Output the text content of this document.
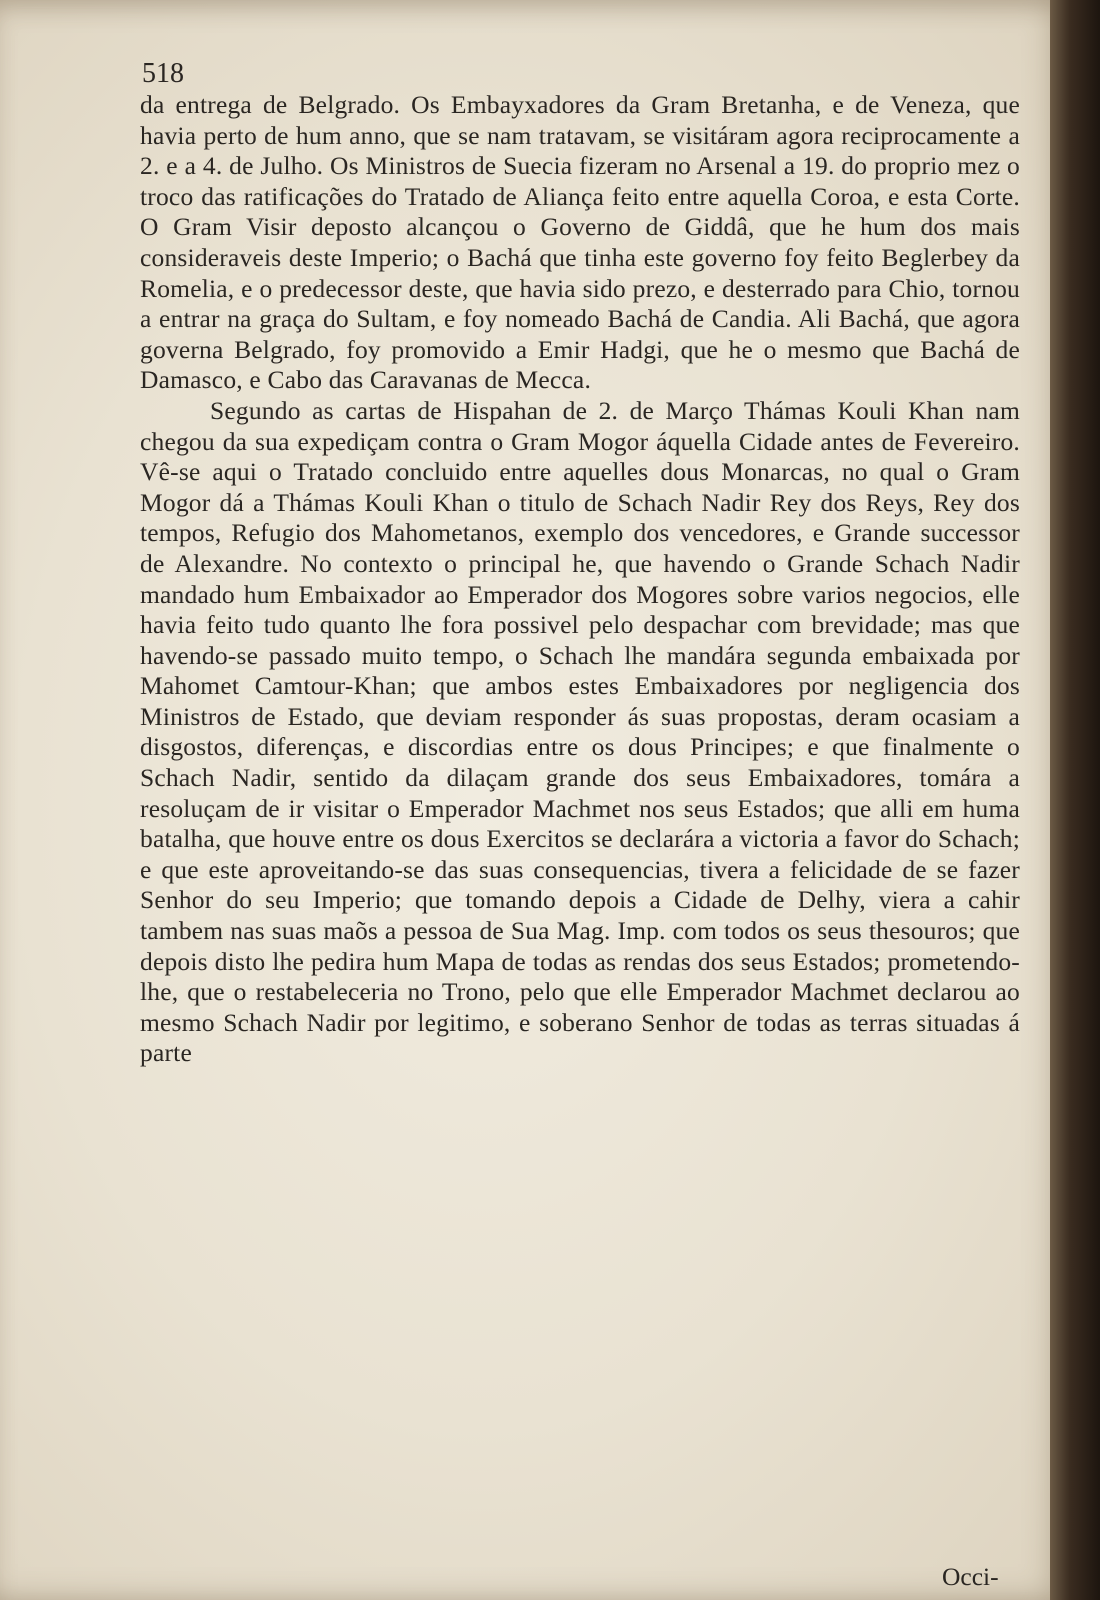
518

da entrega de Belgrado. Os Embayxadores da Gram Bretanha, e de Veneza, que havia perto de hum anno, que se nam tratavam, se visitáram agora reciprocamente a 2. e a 4. de Julho. Os Ministros de Suecia fizeram no Arsenal a 19. do proprio mez o troco das ratificações do Tratado de Aliança feito entre aquella Coroa, e esta Corte. O Gram Visir deposto alcançou o Governo de Giddâ, que he hum dos mais consideraveis deste Imperio; o Bachá que tinha este governo foy feito Beglerbey da Romelia, e o predecessor deste, que havia sido prezo, e desterrado para Chio, tornou a entrar na graça do Sultam, e foy nomeado Bachá de Candia. Ali Bachá, que agora governa Belgrado, foy promovido a Emir Hadgi, que he o mesmo que Bachá de Damasco, e Cabo das Caravanas de Mecca.

Segundo as cartas de Hispahan de 2. de Março Thámas Kouli Khan nam chegou da sua expediçam contra o Gram Mogor áquella Cidade antes de Fevereiro. Vê-se aqui o Tratado concluido entre aquelles dous Monarcas, no qual o Gram Mogor dá a Thámas Kouli Khan o titulo de Schach Nadir Rey dos Reys, Rey dos tempos, Refugio dos Mahometanos, exemplo dos vencedores, e Grande successor de Alexandre. No contexto o principal he, que havendo o Grande Schach Nadir mandado hum Embaixador ao Emperador dos Mogores sobre varios negocios, elle havia feito tudo quanto lhe fora possivel pelo despachar com brevidade; mas que havendo-se passado muito tempo, o Schach lhe mandára segunda embaixada por Mahomet Camtour-Khan; que ambos estes Embaixadores por negligencia dos Ministros de Estado, que deviam responder ás suas propostas, deram ocasiam a disgostos, diferenças, e discordias entre os dous Principes; e que finalmente o Schach Nadir, sentido da dilaçam grande dos seus Embaixadores, tomára a resoluçam de ir visitar o Emperador Machmet nos seus Estados; que alli em huma batalha, que houve entre os dous Exercitos se declarára a victoria a favor do Schach; e que este aproveitando-se das suas consequencias, tivera a felicidade de se fazer Senhor do seu Imperio; que tomando depois a Cidade de Delhy, viera a cahir tambem nas suas maõs a pessoa de Sua Mag. Imp. com todos os seus thesouros; que depois disto lhe pedira hum Mapa de todas as rendas dos seus Estados; prometendo-lhe, que o restabeleceria no Trono, pelo que elle Emperador Machmet declarou ao mesmo Schach Nadir por legitimo, e soberano Senhor de todas as terras situadas á parte

Occi-
